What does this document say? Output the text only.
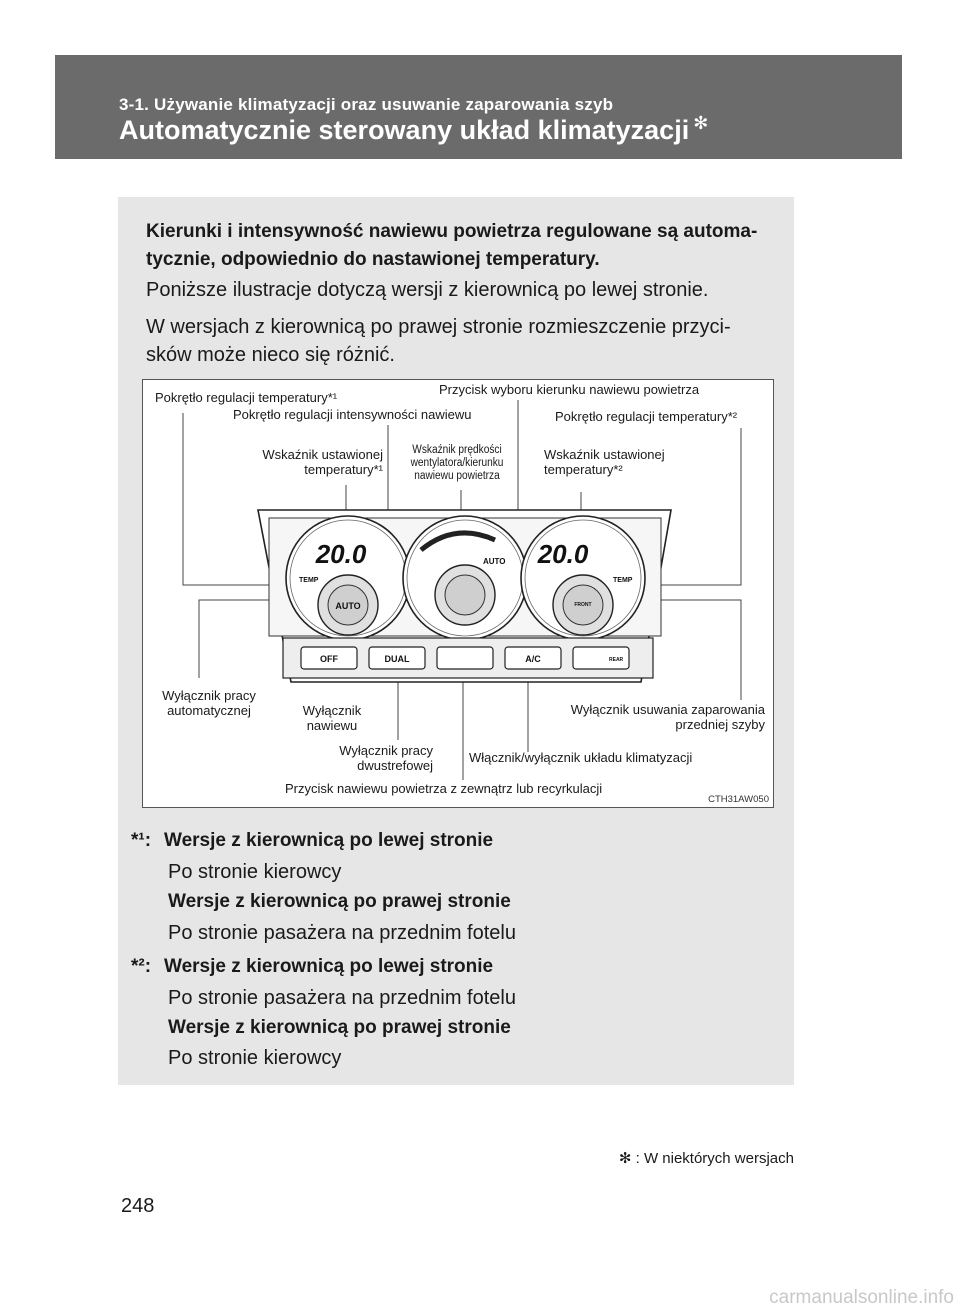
3-1. Używanie klimatyzacji oraz usuwanie zaparowania szyb
Automatycznie sterowany układ klimatyzacji ✻
Kierunki i intensywność nawiewu powietrza regulowane są automa- tycznie, odpowiednio do nastawionej temperatury.
Poniższe ilustracje dotyczą wersji z kierownicą po lewej stronie.
W wersjach z kierownicą po prawej stronie rozmieszczenie przyci- sków może nieco się różnić.
20.0	20.0
AUTO
TEMP	TEMP
AUTO	FRONT
OFF	DUAL	A/C	REAR
Pokrętło regulacji temperatury*¹
Przycisk wyboru kierunku nawiewu powietrza
Pokrętło regulacji intensywności nawiewu	Pokrętło regulacji temperatury*²
Wskaźnik ustawionej temperatury*¹
Wskaźnik prędkości wentylatora/kierunku nawiewu powietrza
Wskaźnik ustawionej temperatury*²
Wyłącznik pracy automatycznej	Wyłącznik nawiewu
Wyłącznik usuwania zaparowania przedniej szyby
Wyłącznik pracy dwustrefowej
Włącznik/wyłącznik układu klimatyzacji
Przycisk nawiewu powietrza z zewnątrz lub recyrkulacji
CTH31AW050
*¹: Wersje z kierownicą po lewej stronie
Po stronie kierowcy
Wersje z kierownicą po prawej stronie
Po stronie pasażera na przednim fotelu
*²: Wersje z kierownicą po lewej stronie
Po stronie pasażera na przednim fotelu
Wersje z kierownicą po prawej stronie
Po stronie kierowcy
✻ : W niektórych wersjach
248
carmanualsonline.info
